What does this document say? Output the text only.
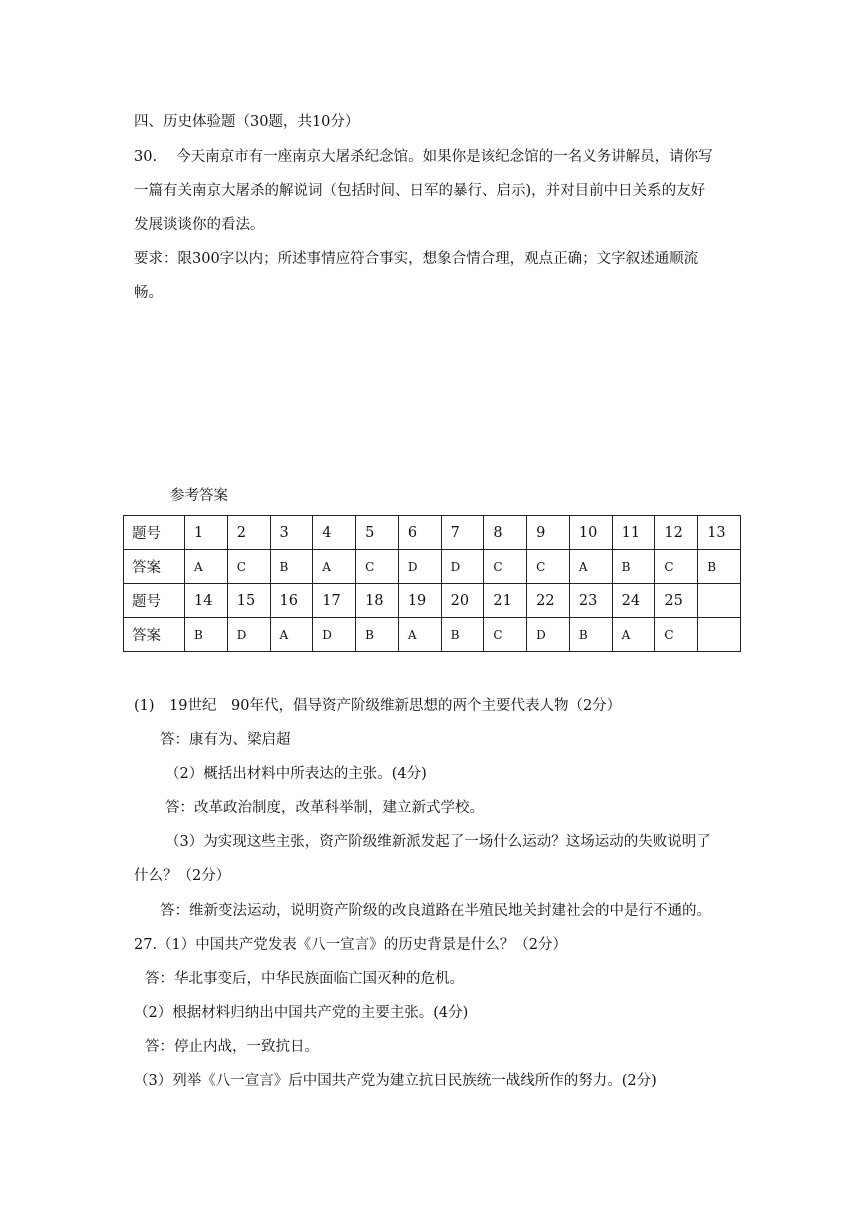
四、历史体验题（30题，共10分）
30.　 今天南京市有一座南京大屠杀纪念馆。如果你是该纪念馆的一名义务讲解员，请你写
一篇有关南京大屠杀的解说词（包括时间、日军的暴行、启示)，并对目前中日关系的友好
发展谈谈你的看法。
要求：限300字以内；所述事情应符合事实，想象合情合理，观点正确；文字叙述通顺流
畅。
参考答案
题号	1	2	3	4	5	6	7	8	9	10	11	12	13
答案	A	C	B	A	C	D	D	C	C	A	B	C	B
题号	14	15	16	17	18	19	20	21	22	23	24	25	
答案	B	D	A	D	B	A	B	C	D	B	A	C	
(1)　19世纪　90年代，倡导资产阶级维新思想的两个主要代表人物（2分）
答：康有为、梁启超
（2）概括出材料中所表达的主张。(4分)
答：改革政治制度，改革科举制，建立新式学校。
（3）为实现这些主张，资产阶级维新派发起了一场什么运动？这场运动的失败说明了
什么？（2分）
答：维新变法运动，说明资产阶级的改良道路在半殖民地关封建社会的中是行不通的。
27.（1）中国共产党发表《八一宣言》的历史背景是什么？（2分）
答：华北事变后，中华民族面临亡国灭种的危机。
（2）根据材料归纳出中国共产党的主要主张。(4分)
答：停止内战，一致抗日。
（3）列举《八一宣言》后中国共产党为建立抗日民族统一战线所作的努力。(2分)
